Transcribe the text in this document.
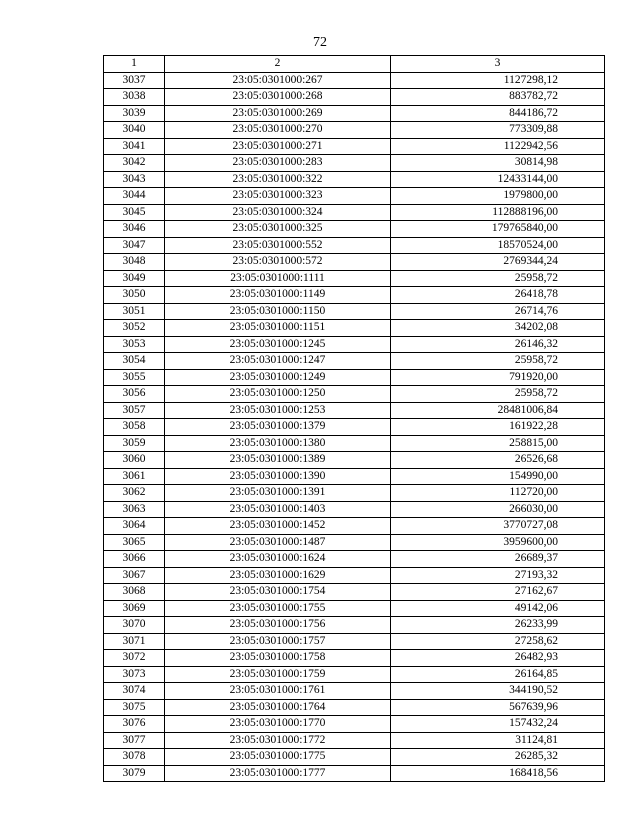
72
1	2	3
3037	23:05:0301000:267	1127298,12
3038	23:05:0301000:268	883782,72
3039	23:05:0301000:269	844186,72
3040	23:05:0301000:270	773309,88
3041	23:05:0301000:271	1122942,56
3042	23:05:0301000:283	30814,98
3043	23:05:0301000:322	12433144,00
3044	23:05:0301000:323	1979800,00
3045	23:05:0301000:324	112888196,00
3046	23:05:0301000:325	179765840,00
3047	23:05:0301000:552	18570524,00
3048	23:05:0301000:572	2769344,24
3049	23:05:0301000:1111	25958,72
3050	23:05:0301000:1149	26418,78
3051	23:05:0301000:1150	26714,76
3052	23:05:0301000:1151	34202,08
3053	23:05:0301000:1245	26146,32
3054	23:05:0301000:1247	25958,72
3055	23:05:0301000:1249	791920,00
3056	23:05:0301000:1250	25958,72
3057	23:05:0301000:1253	28481006,84
3058	23:05:0301000:1379	161922,28
3059	23:05:0301000:1380	258815,00
3060	23:05:0301000:1389	26526,68
3061	23:05:0301000:1390	154990,00
3062	23:05:0301000:1391	112720,00
3063	23:05:0301000:1403	266030,00
3064	23:05:0301000:1452	3770727,08
3065	23:05:0301000:1487	3959600,00
3066	23:05:0301000:1624	26689,37
3067	23:05:0301000:1629	27193,32
3068	23:05:0301000:1754	27162,67
3069	23:05:0301000:1755	49142,06
3070	23:05:0301000:1756	26233,99
3071	23:05:0301000:1757	27258,62
3072	23:05:0301000:1758	26482,93
3073	23:05:0301000:1759	26164,85
3074	23:05:0301000:1761	344190,52
3075	23:05:0301000:1764	567639,96
3076	23:05:0301000:1770	157432,24
3077	23:05:0301000:1772	31124,81
3078	23:05:0301000:1775	26285,32
3079	23:05:0301000:1777	168418,56
